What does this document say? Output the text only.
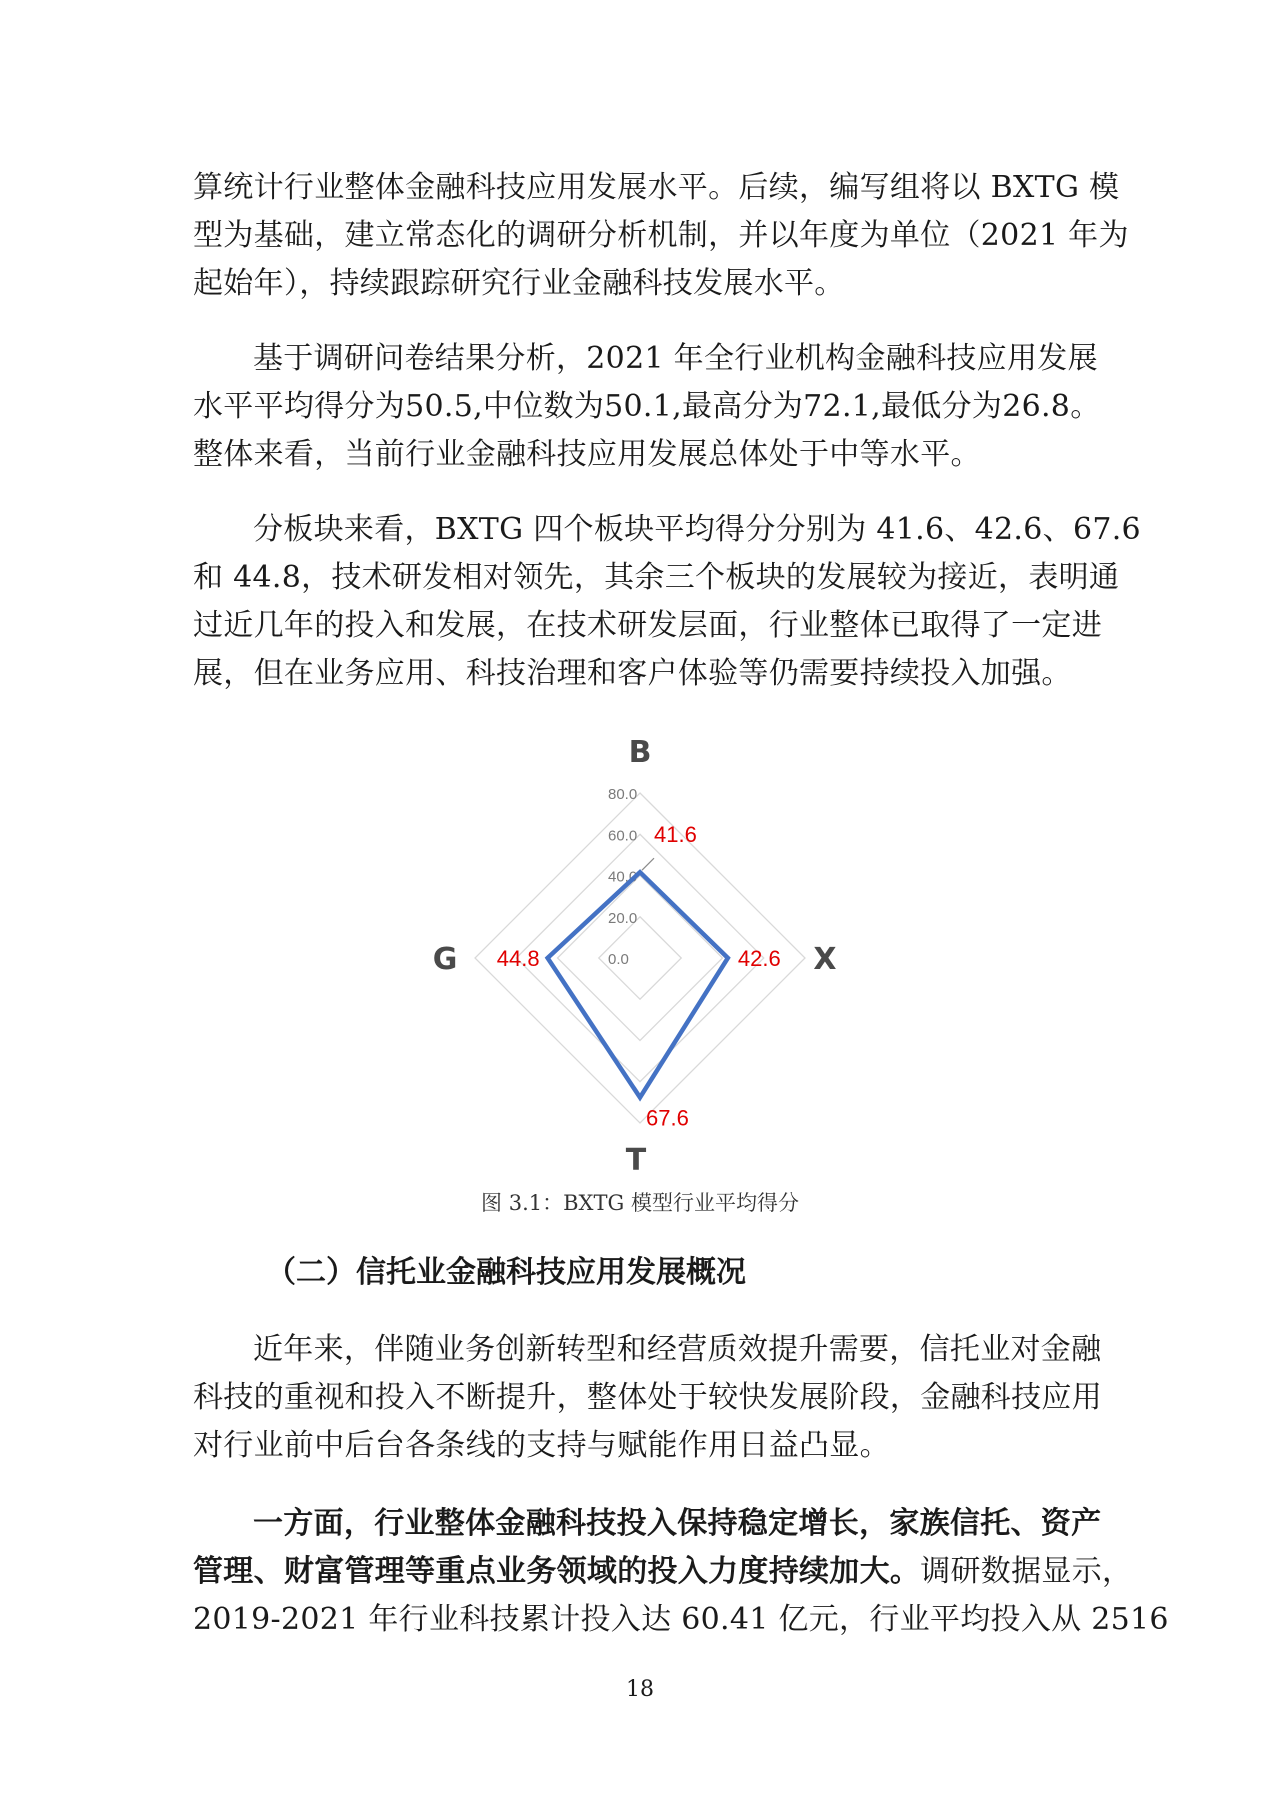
算统计行业整体金融科技应用发展水平。后续，编写组将以 BXTG 模
型为基础，建立常态化的调研分析机制，并以年度为单位（2021 年为
起始年），持续跟踪研究行业金融科技发展水平。
基于调研问卷结果分析，2021 年全行业机构金融科技应用发展
水平平均得分为50.5,中位数为50.1,最高分为72.1,最低分为26.8。
整体来看，当前行业金融科技应用发展总体处于中等水平。
分板块来看，BXTG 四个板块平均得分分别为 41.6、42.6、67.6
和 44.8，技术研发相对领先，其余三个板块的发展较为接近，表明通
过近几年的投入和发展，在技术研发层面，行业整体已取得了一定进
展，但在业务应用、科技治理和客户体验等仍需要持续投入加强。
0.0
20.0
40.0
60.0
80.0
B
X
T
G
41.6
42.6
67.6
44.8
图 3.1：BXTG 模型行业平均得分
（二）信托业金融科技应用发展概况
近年来，伴随业务创新转型和经营质效提升需要，信托业对金融
科技的重视和投入不断提升，整体处于较快发展阶段，金融科技应用
对行业前中后台各条线的支持与赋能作用日益凸显。
一方面，行业整体金融科技投入保持稳定增长，家族信托、资产
管理、财富管理等重点业务领域的投入力度持续加大。调研数据显示，
2019-2021 年行业科技累计投入达 60.41 亿元，行业平均投入从 2516
18
